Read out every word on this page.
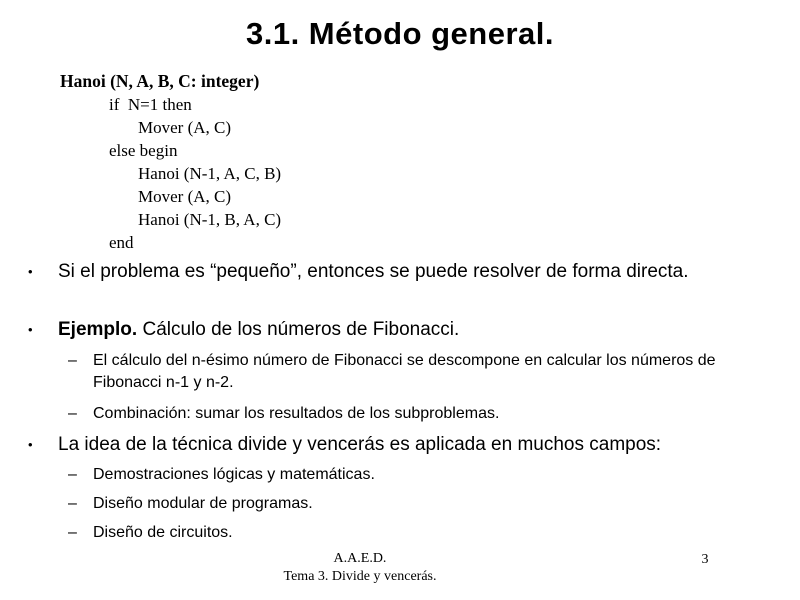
3.1. Método general.
Hanoi (N, A, B, C: integer)
if  N=1 then
Mover (A, C)
else begin
Hanoi (N-1, A, C, B)
Mover (A, C)
Hanoi (N-1, B, A, C)
end
• Si el problema es “pequeño”, entonces se puede resolver de forma directa.
• Ejemplo. Cálculo de los números de Fibonacci.
– El cálculo del n-ésimo número de Fibonacci se descompone en calcular los números de Fibonacci n-1 y n-2.
– Combinación: sumar los resultados de los subproblemas.
• La idea de la técnica divide y vencerás es aplicada en muchos campos:
– Demostraciones lógicas y matemáticas.
– Diseño modular de programas.
– Diseño de circuitos.
A.A.E.D.
Tema 3. Divide y vencerás.
3
